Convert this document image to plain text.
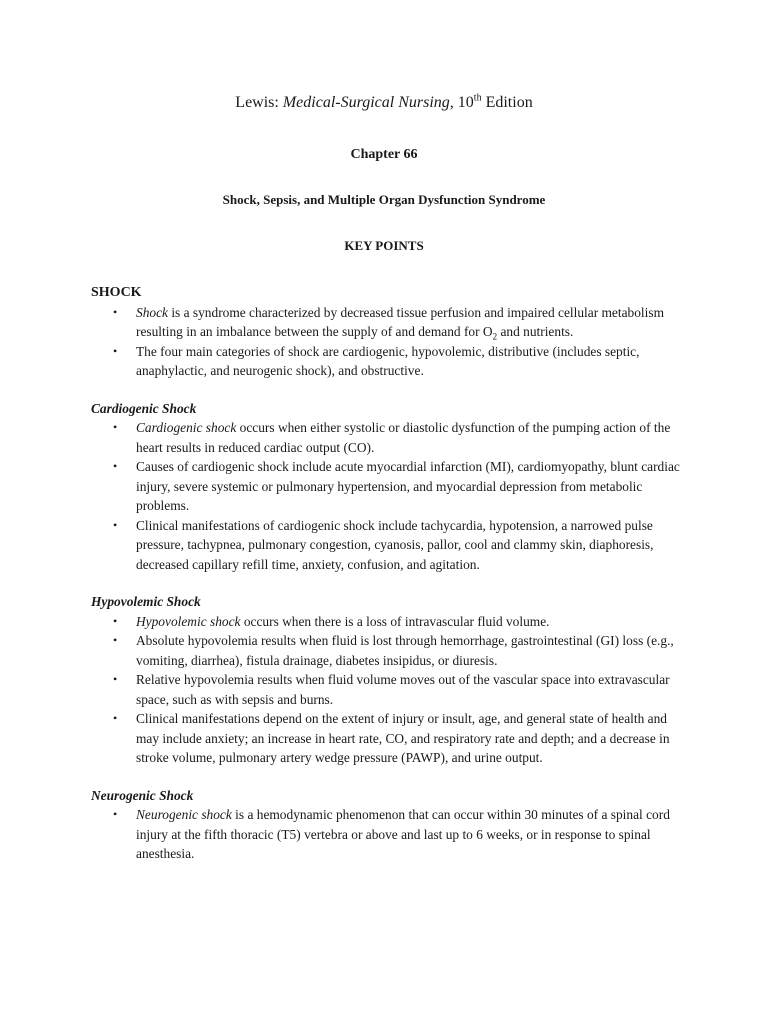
Lewis: Medical-Surgical Nursing, 10th Edition
Chapter 66
Shock, Sepsis, and Multiple Organ Dysfunction Syndrome
KEY POINTS

SHOCK

• Shock is a syndrome characterized by decreased tissue perfusion and impaired cellular metabolism resulting in an imbalance between the supply of and demand for $O_2$ and nutrients.
• The four main categories of shock are cardiogenic, hypovolemic, distributive (includes septic, anaphylactic, and neurogenic shock), and obstructive.

Cardiogenic Shock

• Cardiogenic shock occurs when either systolic or diastolic dysfunction of the pumping action of the heart results in reduced cardiac output (CO).
• Causes of cardiogenic shock include acute myocardial infarction (MI), cardiomyopathy, blunt cardiac injury, severe systemic or pulmonary hypertension, and myocardial depression from metabolic problems.
• Clinical manifestations of cardiogenic shock include tachycardia, hypotension, a narrowed pulse pressure, tachypnea, pulmonary congestion, cyanosis, pallor, cool and clammy skin, diaphoresis, decreased capillary refill time, anxiety, confusion, and agitation.

Hypovolemic Shock

• Hypovolemic shock occurs when there is a loss of intravascular fluid volume.
• Absolute hypovolemia results when fluid is lost through hemorrhage, gastrointestinal (GI) loss (e.g., vomiting, diarrhea), fistula drainage, diabetes insipidus, or diuresis.
• Relative hypovolemia results when fluid volume moves out of the vascular space into extravascular space, such as with sepsis and burns.
• Clinical manifestations depend on the extent of injury or insult, age, and general state of health and may include anxiety; an increase in heart rate, CO, and respiratory rate and depth; and a decrease in stroke volume, pulmonary artery wedge pressure (PAWP), and urine output.

Neurogenic Shock

• Neurogenic shock is a hemodynamic phenomenon that can occur within 30 minutes of a spinal cord injury at the fifth thoracic (T5) vertebra or above and last up to 6 weeks, or in response to spinal anesthesia.
